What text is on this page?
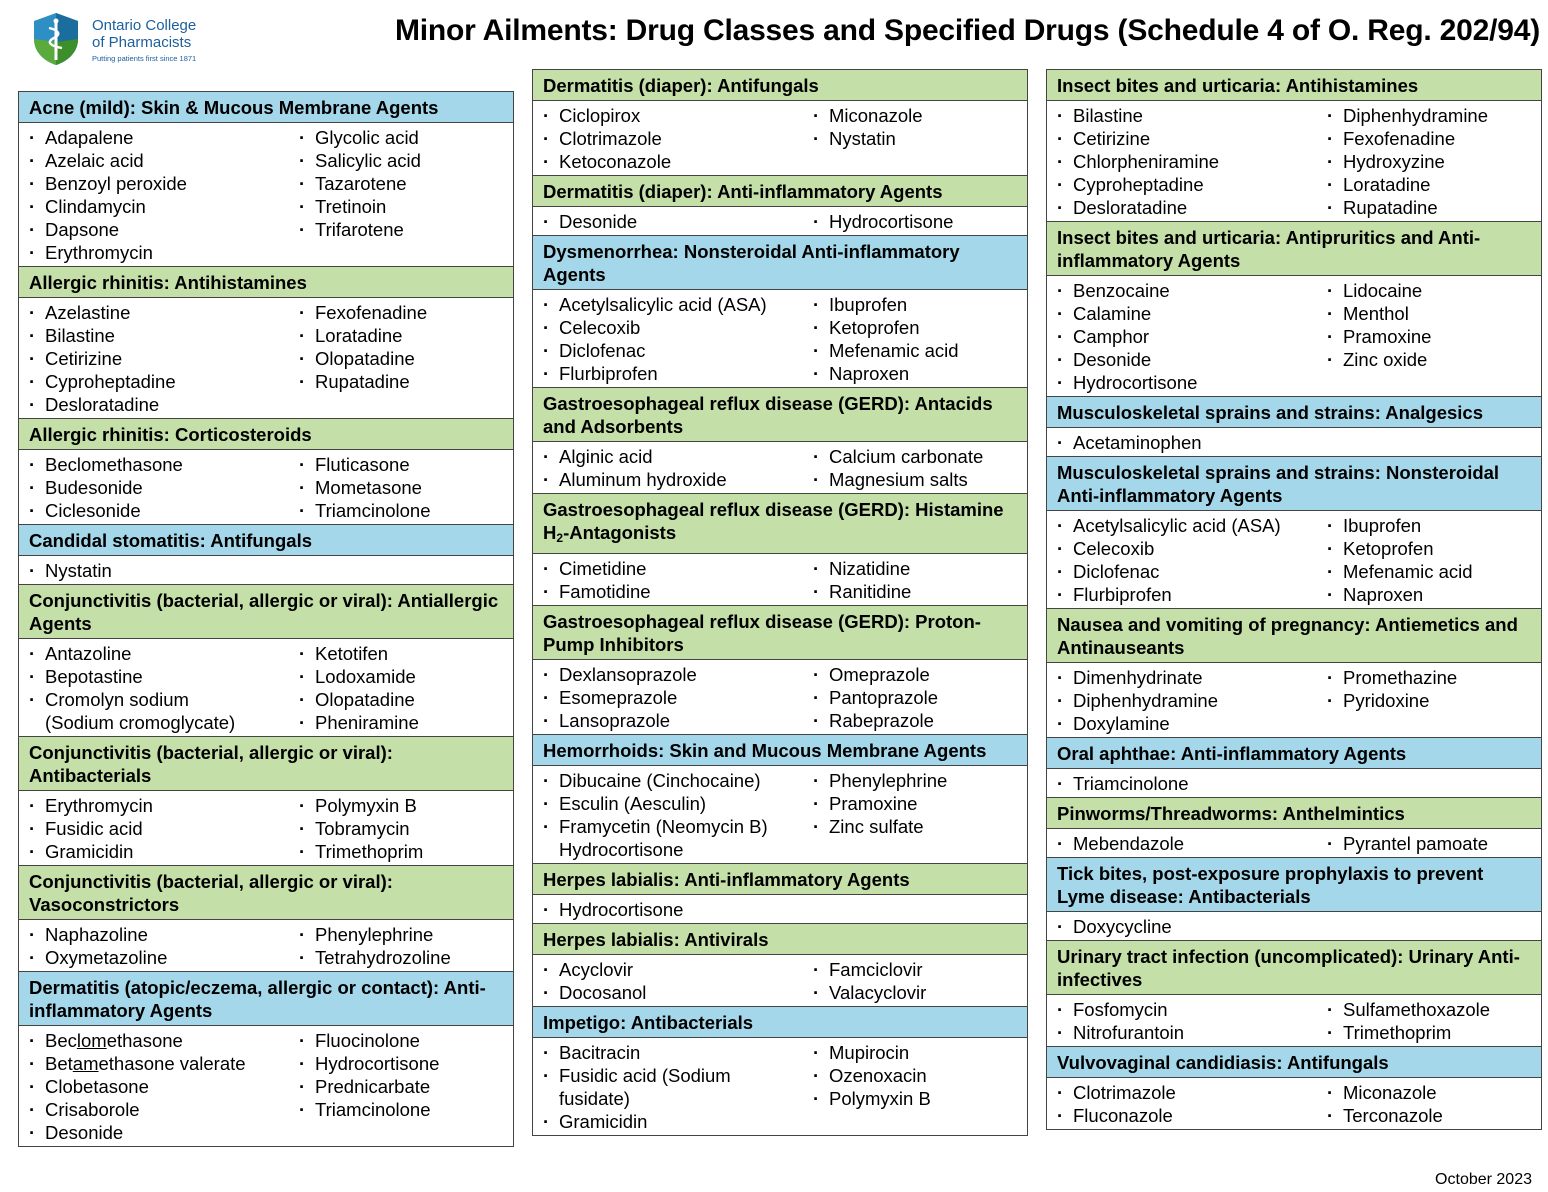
Ontario College
of Pharmacists
Putting patients first since 1871
Minor Ailments: Drug Classes and Specified Drugs (Schedule 4 of O. Reg. 202/94)
Acne (mild): Skin & Mucous Membrane Agents
· Adapalene
· Azelaic acid
· Benzoyl peroxide
· Clindamycin
· Dapsone
· Erythromycin
· Glycolic acid
· Salicylic acid
· Tazarotene
· Tretinoin
· Trifarotene
Allergic rhinitis: Antihistamines
· Azelastine
· Bilastine
· Cetirizine
· Cyproheptadine
· Desloratadine
· Fexofenadine
· Loratadine
· Olopatadine
· Rupatadine
Allergic rhinitis: Corticosteroids
· Beclomethasone
· Budesonide
· Ciclesonide
· Fluticasone
· Mometasone
· Triamcinolone
Candidal stomatitis: Antifungals
· Nystatin
Conjunctivitis (bacterial, allergic or viral): Antiallergic Agents
· Antazoline
· Bepotastine
· Cromolyn sodium
(Sodium cromoglycate)
· Ketotifen
· Lodoxamide
· Olopatadine
· Pheniramine
Conjunctivitis (bacterial, allergic or viral): Antibacterials
· Erythromycin
· Fusidic acid
· Gramicidin
· Polymyxin B
· Tobramycin
· Trimethoprim
Conjunctivitis (bacterial, allergic or viral): Vasoconstrictors
· Naphazoline
· Oxymetazoline
· Phenylephrine
· Tetrahydrozoline
Dermatitis (atopic/eczema, allergic or contact): Anti-inflammatory Agents
· Beclomethasone
· Betamethasone valerate
· Clobetasone
· Crisaborole
· Desonide
· Fluocinolone
· Hydrocortisone
· Prednicarbate
· Triamcinolone
Dermatitis (diaper): Antifungals
· Ciclopirox
· Clotrimazole
· Ketoconazole
· Miconazole
· Nystatin
Dermatitis (diaper): Anti-inflammatory Agents
· Desonide	· Hydrocortisone
Dysmenorrhea: Nonsteroidal Anti-inflammatory Agents
· Acetylsalicylic acid (ASA)
· Celecoxib
· Diclofenac
· Flurbiprofen
· Ibuprofen
· Ketoprofen
· Mefenamic acid
· Naproxen
Gastroesophageal reflux disease (GERD): Antacids and Adsorbents
· Alginic acid
· Aluminum hydroxide
· Calcium carbonate
· Magnesium salts
Gastroesophageal reflux disease (GERD): Histamine $H_2$-Antagonists
· Cimetidine
· Famotidine
· Nizatidine
· Ranitidine
Gastroesophageal reflux disease (GERD): Proton-Pump Inhibitors
· Dexlansoprazole
· Esomeprazole
· Lansoprazole
· Omeprazole
· Pantoprazole
· Rabeprazole
Hemorrhoids: Skin and Mucous Membrane Agents
· Dibucaine (Cinchocaine)
· Esculin (Aesculin)
· Framycetin (Neomycin B)
Hydrocortisone
· Phenylephrine
· Pramoxine
· Zinc sulfate
Herpes labialis: Anti-inflammatory Agents
· Hydrocortisone
Herpes labialis: Antivirals
· Acyclovir
· Docosanol
· Famciclovir
· Valacyclovir
Impetigo: Antibacterials
· Bacitracin
· Fusidic acid (Sodium
fusidate)
· Gramicidin
· Mupirocin
· Ozenoxacin
· Polymyxin B
Insect bites and urticaria: Antihistamines
· Bilastine
· Cetirizine
· Chlorpheniramine
· Cyproheptadine
· Desloratadine
· Diphenhydramine
· Fexofenadine
· Hydroxyzine
· Loratadine
· Rupatadine
Insect bites and urticaria: Antipruritics and Anti-inflammatory Agents
· Benzocaine
· Calamine
· Camphor
· Desonide
· Hydrocortisone
· Lidocaine
· Menthol
· Pramoxine
· Zinc oxide
Musculoskeletal sprains and strains: Analgesics
· Acetaminophen
Musculoskeletal sprains and strains: Nonsteroidal Anti-inflammatory Agents
· Acetylsalicylic acid (ASA)
· Celecoxib
· Diclofenac
· Flurbiprofen
· Ibuprofen
· Ketoprofen
· Mefenamic acid
· Naproxen
Nausea and vomiting of pregnancy: Antiemetics and Antinauseants
· Dimenhydrinate
· Diphenhydramine
· Doxylamine
· Promethazine
· Pyridoxine
Oral aphthae: Anti-inflammatory Agents
· Triamcinolone
Pinworms/Threadworms: Anthelmintics
· Mebendazole	· Pyrantel pamoate
Tick bites, post-exposure prophylaxis to prevent Lyme disease: Antibacterials
· Doxycycline
Urinary tract infection (uncomplicated): Urinary Anti-infectives
· Fosfomycin
· Nitrofurantoin
· Sulfamethoxazole
· Trimethoprim
Vulvovaginal candidiasis: Antifungals
· Clotrimazole
· Fluconazole
· Miconazole
· Terconazole
October 2023
